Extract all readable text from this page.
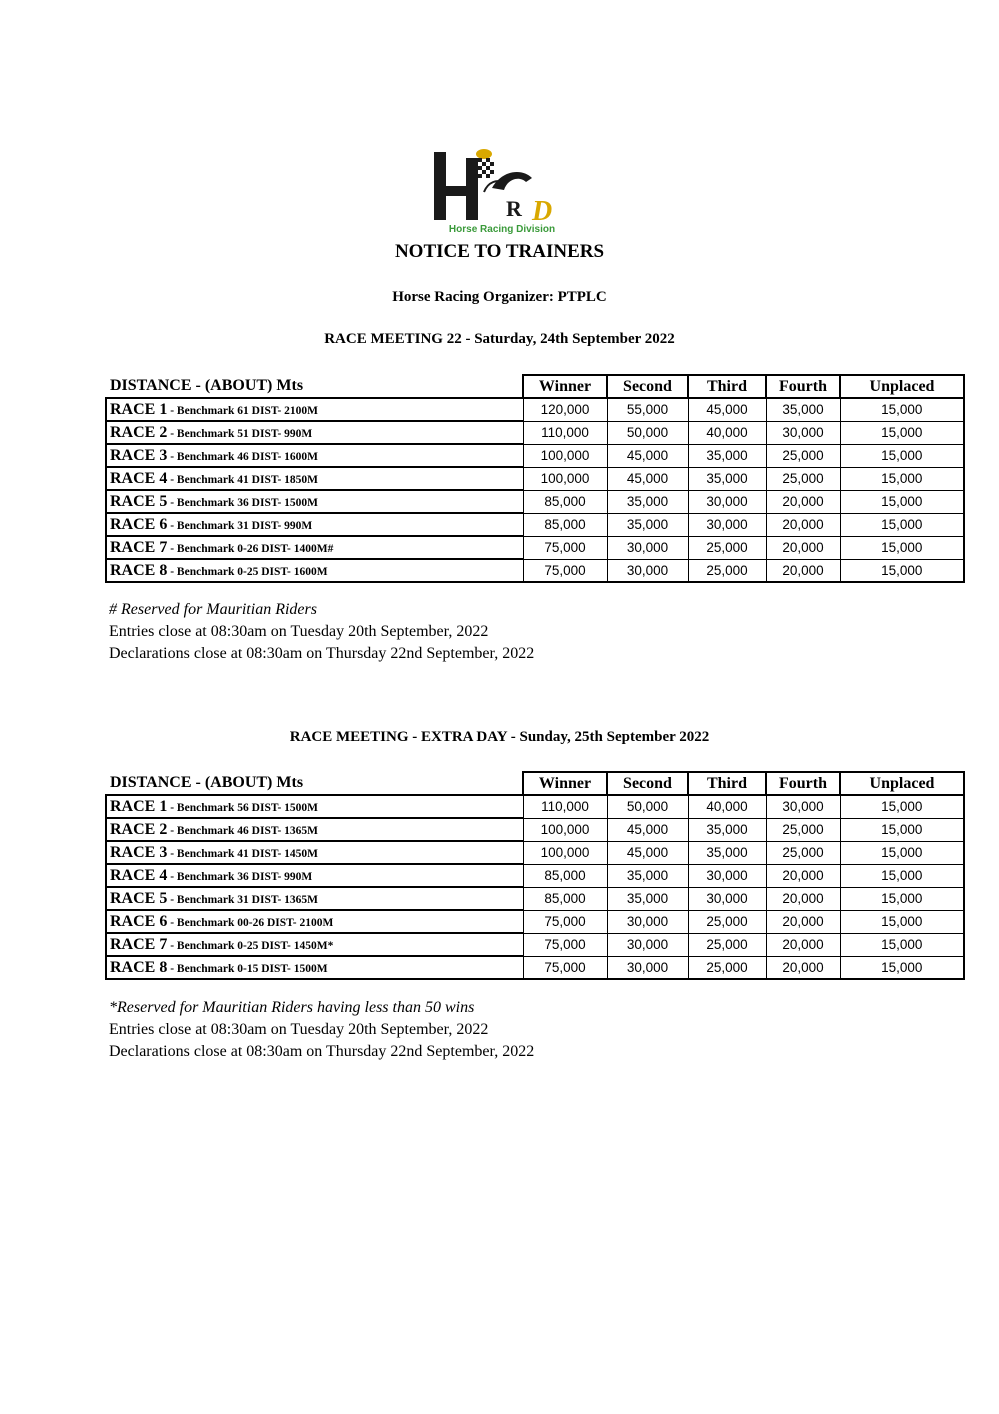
R D
Horse Racing Division
NOTICE TO TRAINERS
Horse Racing Organizer: PTPLC
RACE MEETING 22 - Saturday, 24th September 2022
DISTANCE - (ABOUT) Mts	Winner	Second	Third	Fourth	Unplaced
RACE 1 - Benchmark 61 DIST- 2100M	120,000	55,000	45,000	35,000	15,000
RACE 2 - Benchmark 51 DIST- 990M	110,000	50,000	40,000	30,000	15,000
RACE 3 - Benchmark 46 DIST- 1600M	100,000	45,000	35,000	25,000	15,000
RACE 4 - Benchmark 41 DIST- 1850M	100,000	45,000	35,000	25,000	15,000
RACE 5 - Benchmark 36 DIST- 1500M	85,000	35,000	30,000	20,000	15,000
RACE 6 - Benchmark 31 DIST- 990M	85,000	35,000	30,000	20,000	15,000
RACE 7 - Benchmark 0-26 DIST- 1400M#	75,000	30,000	25,000	20,000	15,000
RACE 8 - Benchmark 0-25 DIST- 1600M	75,000	30,000	25,000	20,000	15,000
# Reserved for Mauritian Riders
Entries close at 08:30am on Tuesday 20th September, 2022
Declarations close at 08:30am on Thursday 22nd September, 2022
RACE MEETING - EXTRA DAY - Sunday, 25th September 2022
DISTANCE - (ABOUT) Mts	Winner	Second	Third	Fourth	Unplaced
RACE 1 - Benchmark 56 DIST- 1500M	110,000	50,000	40,000	30,000	15,000
RACE 2 - Benchmark 46 DIST- 1365M	100,000	45,000	35,000	25,000	15,000
RACE 3 - Benchmark 41 DIST- 1450M	100,000	45,000	35,000	25,000	15,000
RACE 4 - Benchmark 36 DIST- 990M	85,000	35,000	30,000	20,000	15,000
RACE 5 - Benchmark 31 DIST- 1365M	85,000	35,000	30,000	20,000	15,000
RACE 6 - Benchmark 00-26 DIST- 2100M	75,000	30,000	25,000	20,000	15,000
RACE 7 - Benchmark 0-25 DIST- 1450M*	75,000	30,000	25,000	20,000	15,000
RACE 8 - Benchmark 0-15 DIST- 1500M	75,000	30,000	25,000	20,000	15,000
*Reserved for Mauritian Riders having less than 50 wins
Entries close at 08:30am on Tuesday 20th September, 2022
Declarations close at 08:30am on Thursday 22nd September, 2022
